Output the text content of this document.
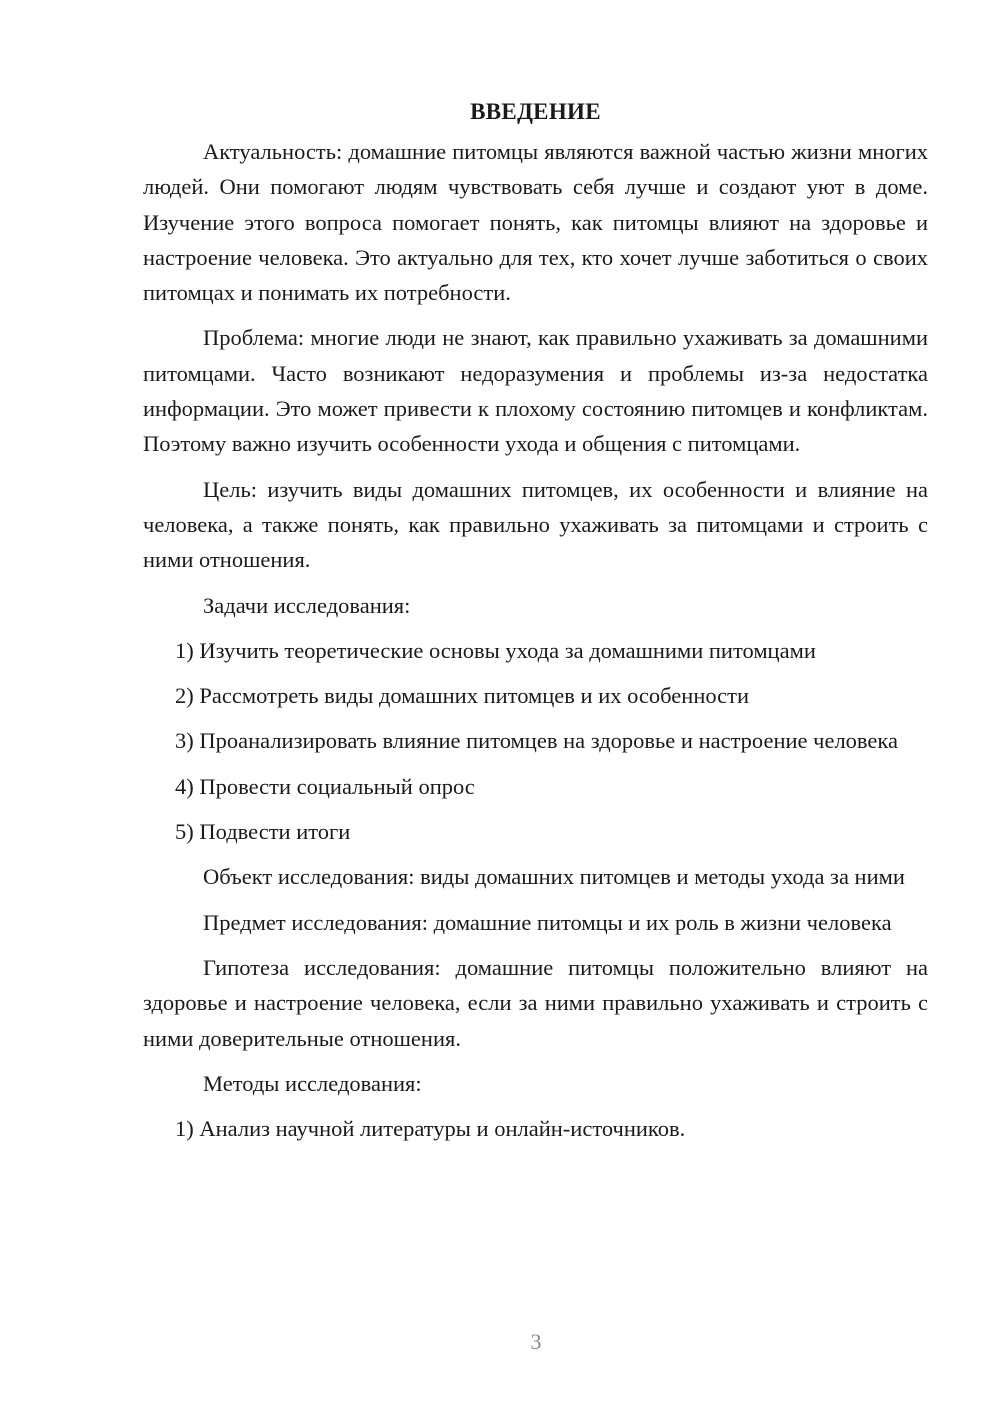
ВВЕДЕНИЕ

Актуальность: домашние питомцы являются важной частью жизни многих людей. Они помогают людям чувствовать себя лучше и создают уют в доме. Изучение этого вопроса помогает понять, как питомцы влияют на здоровье и настроение человека. Это актуально для тех, кто хочет лучше заботиться о своих питомцах и понимать их потребности.

Проблема: многие люди не знают, как правильно ухаживать за домашними питомцами. Часто возникают недоразумения и проблемы из-за недостатка информации. Это может привести к плохому состоянию питомцев и конфликтам. Поэтому важно изучить особенности ухода и общения с питомцами.

Цель: изучить виды домашних питомцев, их особенности и влияние на человека, а также понять, как правильно ухаживать за питомцами и строить с ними отношения.

Задачи исследования:

1) Изучить теоретические основы ухода за домашними питомцами

2) Рассмотреть виды домашних питомцев и их особенности

3) Проанализировать влияние питомцев на здоровье и настроение человека

4) Провести социальный опрос

5) Подвести итоги

Объект исследования: виды домашних питомцев и методы ухода за ними

Предмет исследования: домашние питомцы и их роль в жизни человека

Гипотеза исследования: домашние питомцы положительно влияют на здоровье и настроение человека, если за ними правильно ухаживать и строить с ними доверительные отношения.

Методы исследования:

1) Анализ научной литературы и онлайн-источников.

3
